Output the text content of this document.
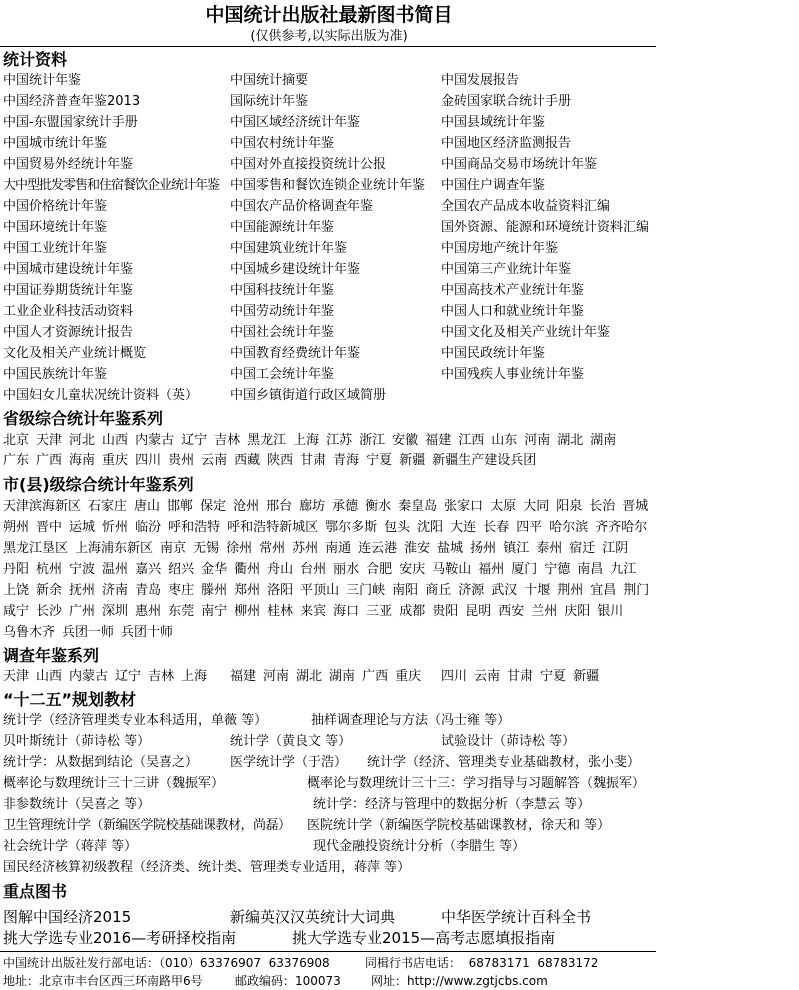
中国统计出版社最新图书简目
(仅供参考,以实际出版为准)
统计资料
省级综合统计年鉴系列
市(县)级综合统计年鉴系列
调查年鉴系列
“十二五”规划教材
重点图书
中国统计出版社发行部电话：（010）63376907  63376908	同楫行书店电话：  68783171  68783172
地址：北京市丰台区西三环南路甲6号	邮政编码：100073	网址：http://www.zgtjcbs.com
中国统计年鉴	中国统计摘要	中国发展报告
中国经济普查年鉴2013	国际统计年鉴	金砖国家联合统计手册
中国-东盟国家统计手册	中国区域经济统计年鉴	中国县域统计年鉴
中国城市统计年鉴	中国农村统计年鉴	中国地区经济监测报告
中国贸易外经统计年鉴	中国对外直接投资统计公报	中国商品交易市场统计年鉴
大中型批发零售和住宿餐饮企业统计年鉴 中国零售和餐饮连锁企业统计年鉴 中国住户调查年鉴
中国价格统计年鉴	中国农产品价格调查年鉴	全国农产品成本收益资料汇编
中国环境统计年鉴	中国能源统计年鉴	国外资源、能源和环境统计资料汇编
中国工业统计年鉴	中国建筑业统计年鉴	中国房地产统计年鉴
中国城市建设统计年鉴	中国城乡建设统计年鉴	中国第三产业统计年鉴
中国证券期货统计年鉴	中国科技统计年鉴	中国高技术产业统计年鉴
工业企业科技活动资料	中国劳动统计年鉴	中国人口和就业统计年鉴
中国人才资源统计报告	中国社会统计年鉴	中国文化及相关产业统计年鉴
文化及相关产业统计概览	中国教育经费统计年鉴	中国民政统计年鉴
中国民族统计年鉴	中国工会统计年鉴	中国残疾人事业统计年鉴
中国妇女儿童状况统计资料（英） 中国乡镇街道行政区域简册
北京 天津 河北 山西 内蒙古 辽宁 吉林 黑龙江 上海 江苏 浙江 安徽 福建 江西 山东 河南 湖北 湖南
广东 广西 海南 重庆 四川 贵州 云南 西藏 陕西 甘肃 青海 宁夏 新疆 新疆生产建设兵团
天津滨海新区 石家庄 唐山 邯郸 保定 沧州 邢台 廊坊 承德 衡水 秦皇岛 张家口 太原 大同 阳泉 长治 晋城
朔州 晋中 运城 忻州 临汾 呼和浩特 呼和浩特新城区 鄂尔多斯 包头 沈阳 大连 长春 四平 哈尔滨 齐齐哈尔
黑龙江垦区 上海浦东新区 南京 无锡 徐州 常州 苏州 南通 连云港 淮安 盐城 扬州 镇江 泰州 宿迁 江阴
丹阳 杭州 宁波 温州 嘉兴 绍兴 金华 衢州 舟山 台州 丽水 合肥 安庆 马鞍山 福州 厦门 宁德 南昌 九江
上饶 新余 抚州 济南 青岛 枣庄 滕州 郑州 洛阳 平顶山 三门峡 南阳 商丘 济源 武汉 十堰 荆州 宜昌 荆门
咸宁 长沙 广州 深圳 惠州 东莞 南宁 柳州 桂林 来宾 海口 三亚 成都 贵阳 昆明 西安 兰州 庆阳 银川
乌鲁木齐 兵团一师 兵团十师
天津 山西 内蒙古 辽宁 吉林 上海	福建 河南 湖北 湖南 广西 重庆	四川 云南 甘肃 宁夏 新疆
统计学（经济管理类专业本科适用，单薇 等）	抽样调查理论与方法（冯士雍 等）
贝叶斯统计（茆诗松 等）	统计学（黄良文 等）	试验设计（茆诗松 等）
统计学：从数据到结论（吴喜之） 医学统计学（于浩） 统计学（经济、管理类专业基础教材，张小斐）
概率论与数理统计三十三讲（魏振军）	概率论与数理统计三十三：学习指导与习题解答（魏振军）
非参数统计（吴喜之 等）	统计学：经济与管理中的数据分析（李慧云 等）
卫生管理统计学（新编医学院校基础课教材，尚磊） 医院统计学（新编医学院校基础课教材，徐天和 等）
社会统计学（蒋萍 等）	现代金融投资统计分析（李腊生 等）
国民经济核算初级教程（经济类、统计类、管理类专业适用，蒋萍 等）
图解中国经济2015	新编英汉汉英统计大词典	中华医学统计百科全书
挑大学选专业2016—考研择校指南	挑大学选专业2015—高考志愿填报指南
